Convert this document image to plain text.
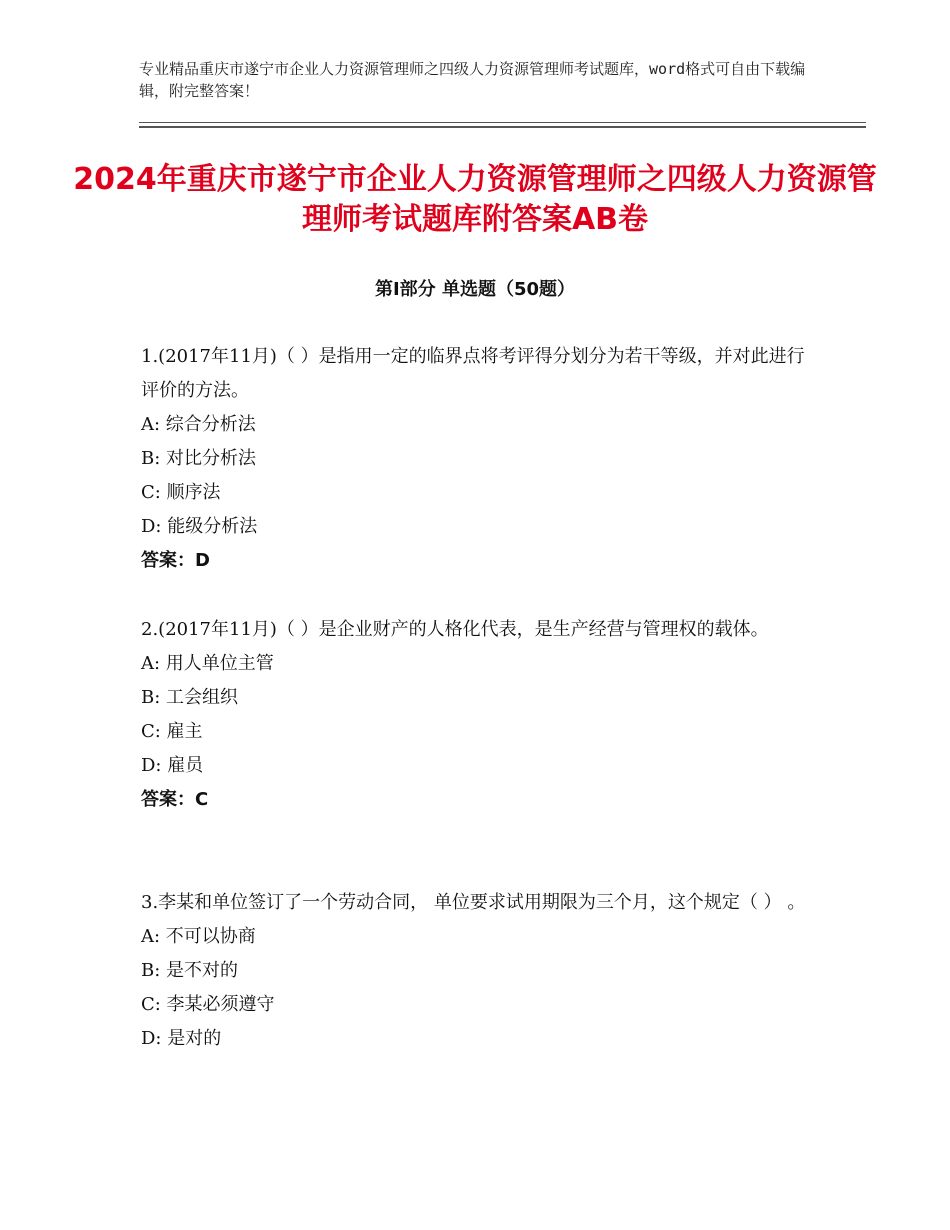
专业精品重庆市遂宁市企业人力资源管理师之四级人力资源管理师考试题库，word格式可自由下载编辑，附完整答案！
2024年重庆市遂宁市企业人力资源管理师之四级人力资源管理师考试题库附答案AB卷
第Ⅰ部分 单选题（50题）

1.(2017年11月)（ ）是指用一定的临界点将考评得分划分为若干等级，并对此进行评价的方法。

A: 综合分析法

B: 对比分析法

C: 顺序法

D: 能级分析法

答案：D

2.(2017年11月)（ ）是企业财产的人格化代表，是生产经营与管理权的载体。

A: 用人单位主管

B: 工会组织

C: 雇主

D: 雇员

答案：C

3.李某和单位签订了一个劳动合同， 单位要求试用期限为三个月，这个规定（ ） 。

A: 不可以协商

B: 是不对的

C: 李某必须遵守

D: 是对的
